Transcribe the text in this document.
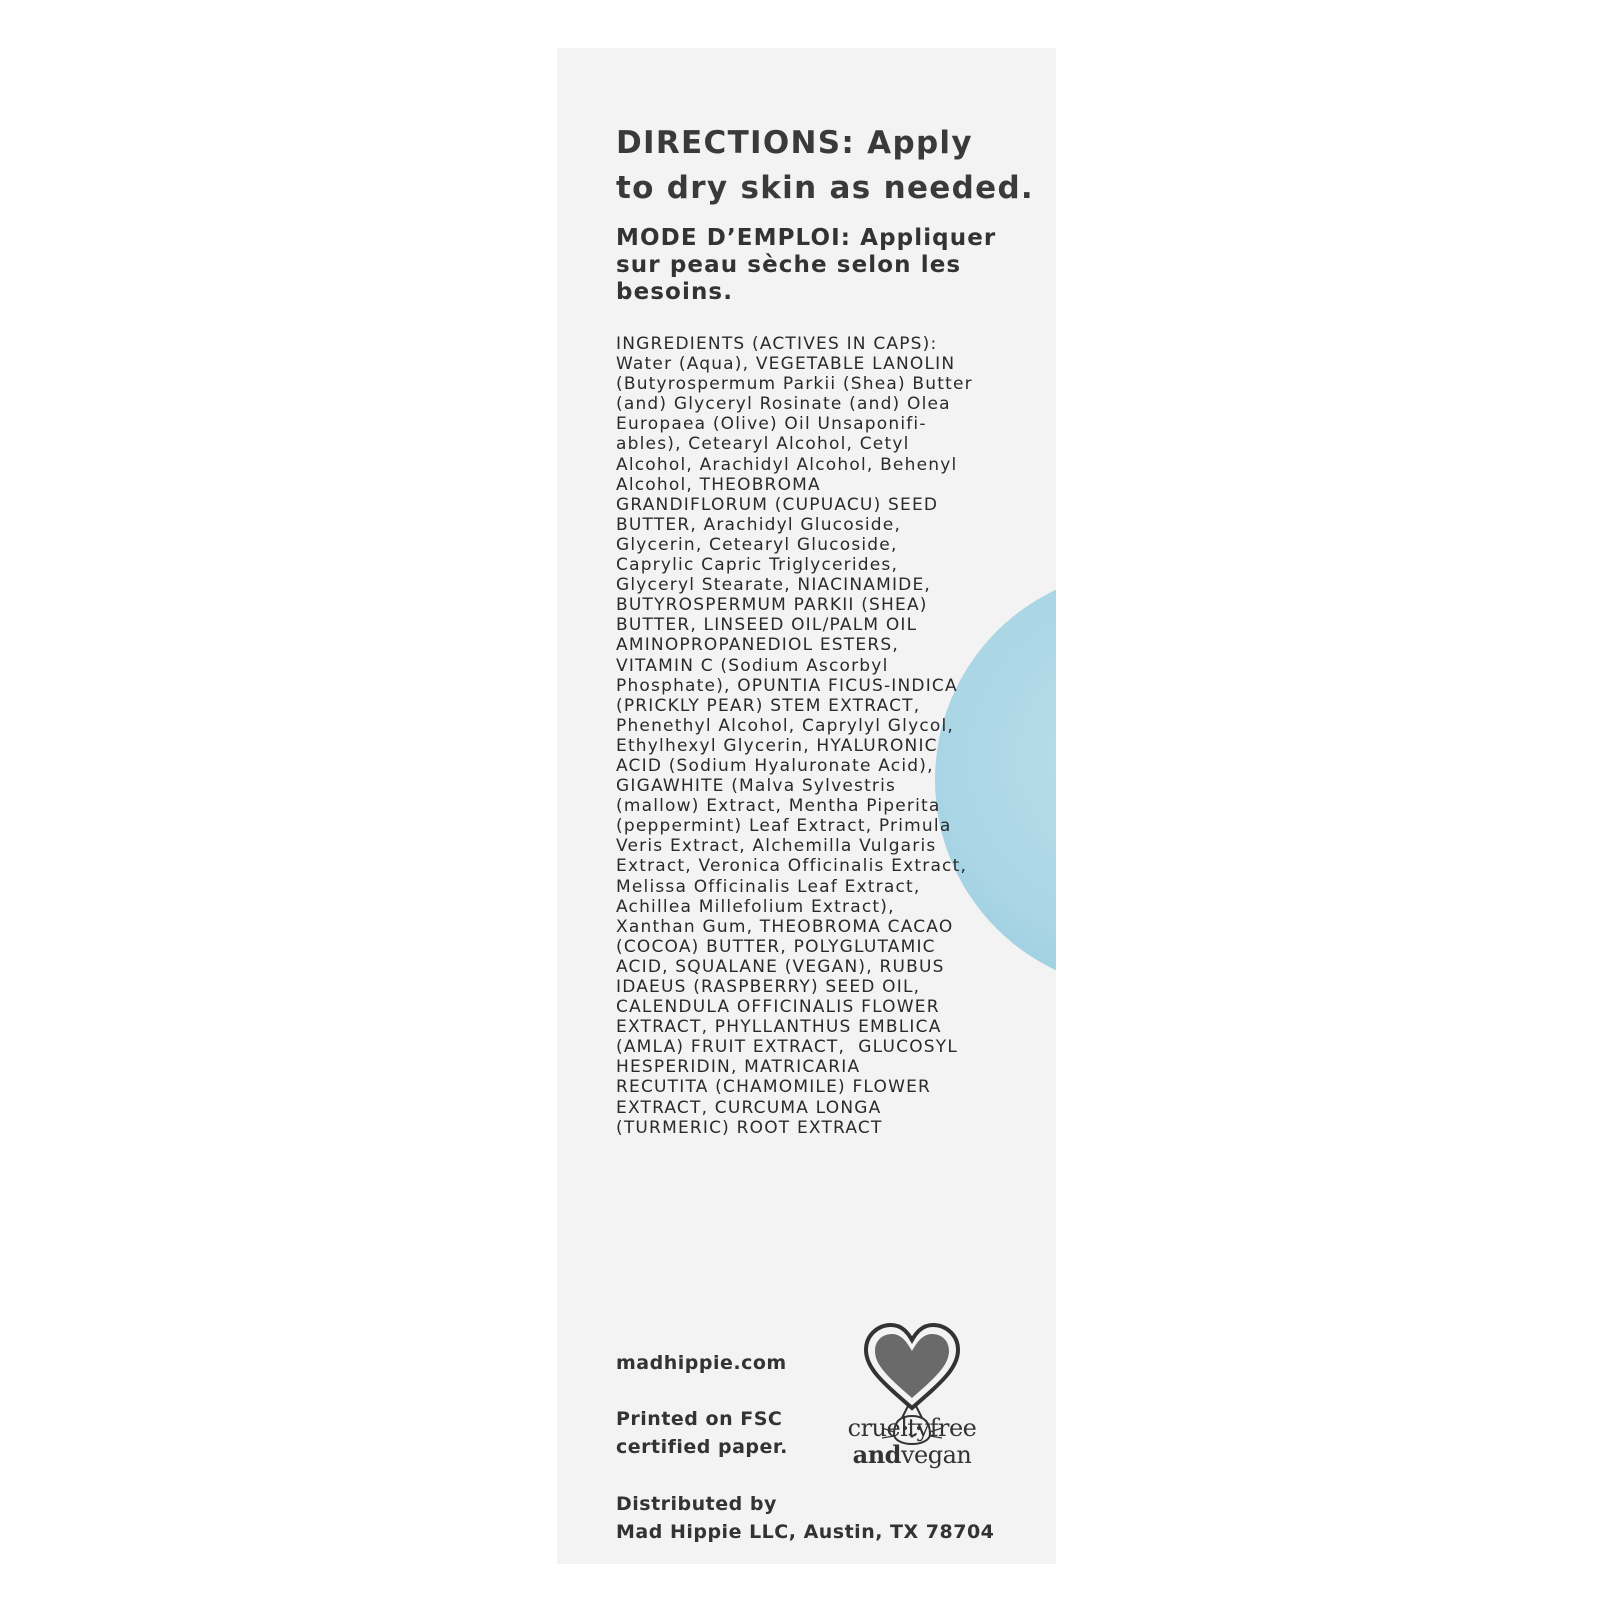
DIRECTIONS: Apply
to dry skin as needed.
MODE D’EMPLOI: Appliquer
sur peau sèche selon les
besoins.
INGREDIENTS (ACTIVES IN CAPS):
Water (Aqua), VEGETABLE LANOLIN
(Butyrospermum Parkii (Shea) Butter
(and) Glyceryl Rosinate (and) Olea
Europaea (Olive) Oil Unsaponifi-
ables), Cetearyl Alcohol, Cetyl
Alcohol, Arachidyl Alcohol, Behenyl
Alcohol, THEOBROMA
GRANDIFLORUM (CUPUACU) SEED
BUTTER, Arachidyl Glucoside,
Glycerin, Cetearyl Glucoside,
Caprylic Capric Triglycerides,
Glyceryl Stearate, NIACINAMIDE,
BUTYROSPERMUM PARKII (SHEA)
BUTTER, LINSEED OIL/PALM OIL
AMINOPROPANEDIOL ESTERS,
VITAMIN C (Sodium Ascorbyl
Phosphate), OPUNTIA FICUS-INDICA
(PRICKLY PEAR) STEM EXTRACT,
Phenethyl Alcohol, Caprylyl Glycol,
Ethylhexyl Glycerin, HYALURONIC
ACID (Sodium Hyaluronate Acid),
GIGAWHITE (Malva Sylvestris
(mallow) Extract, Mentha Piperita
(peppermint) Leaf Extract, Primula
Veris Extract, Alchemilla Vulgaris
Extract, Veronica Officinalis Extract,
Melissa Officinalis Leaf Extract,
Achillea Millefolium Extract),
Xanthan Gum, THEOBROMA CACAO
(COCOA) BUTTER, POLYGLUTAMIC
ACID, SQUALANE (VEGAN), RUBUS
IDAEUS (RASPBERRY) SEED OIL,
CALENDULA OFFICINALIS FLOWER
EXTRACT, PHYLLANTHUS EMBLICA
(AMLA) FRUIT EXTRACT,  GLUCOSYL
HESPERIDIN, MATRICARIA
RECUTITA (CHAMOMILE) FLOWER
EXTRACT, CURCUMA LONGA
(TURMERIC) ROOT EXTRACT
madhippie.com
Printed on FSC
certified paper.
Distributed by
Mad Hippie LLC, Austin, TX 78704
crueltyfree
andvegan
